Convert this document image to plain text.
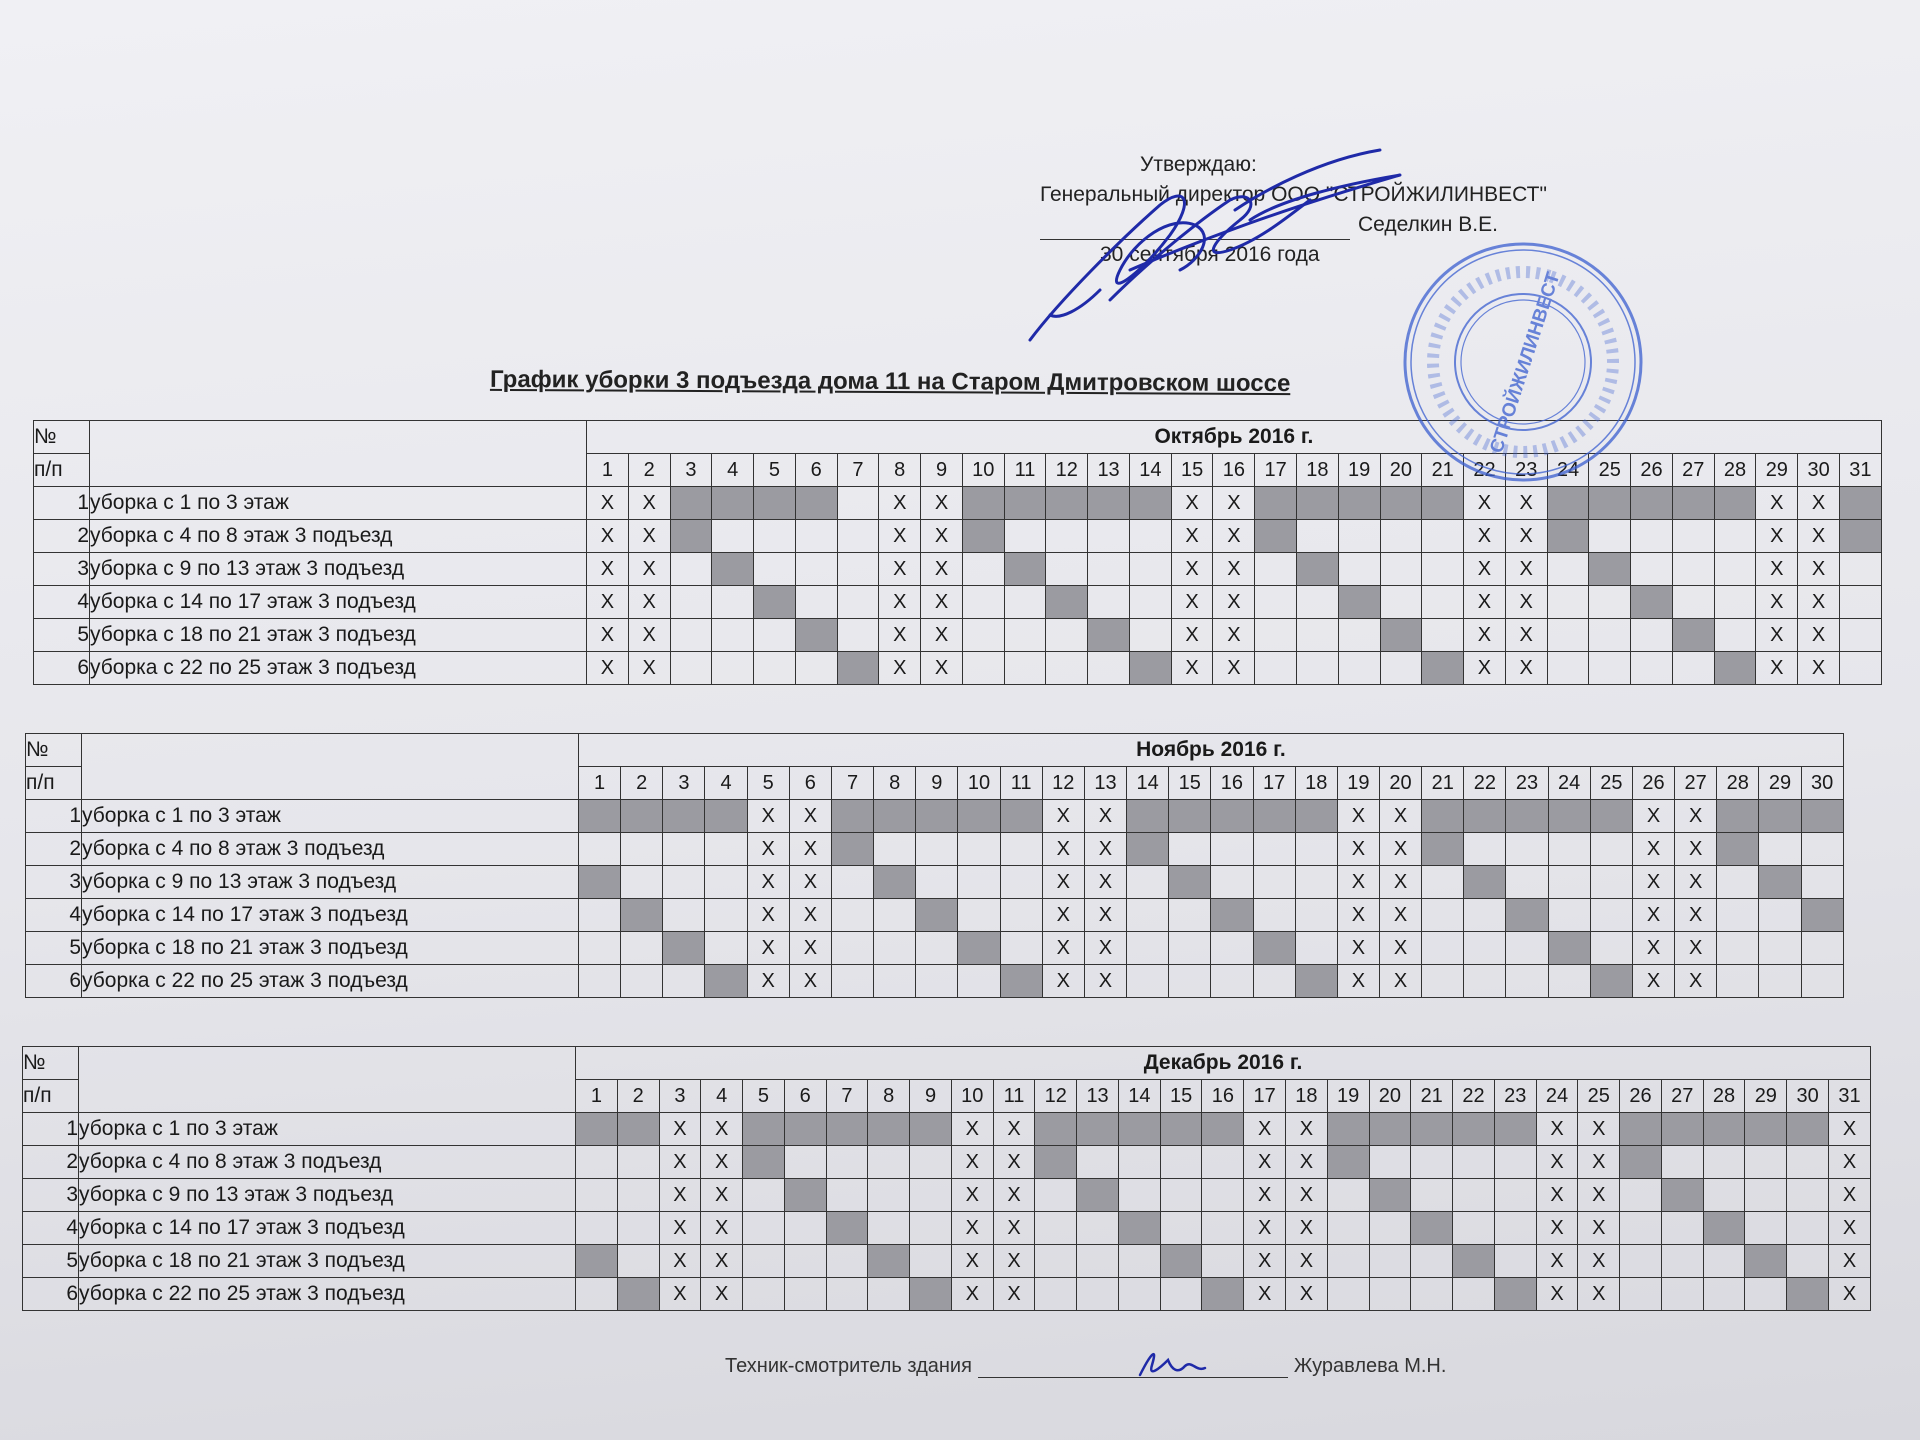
Утверждаю:
Генеральный директор ООО "СТРОЙЖИЛИНВЕСТ"
Седелкин В.Е.
30 сентября 2016 года
График уборки 3 подъезда дома 11 на Старом Дмитровском шоссе
№		Октябрь 2016 г.																														
п/п																																
		1	2	3	4	5	6	7	8	9	10	11	12	13	14	15	16	17	18	19	20	21	22	23	24	25	26	27	28	29	30	31
1	уборка с 1 по 3 этаж	X	X						X	X						X	X						X	X						X	X	
2	уборка с 4 по 8 этаж 3 подъезд	X	X						X	X						X	X						X	X						X	X	
3	уборка с 9 по 13 этаж 3 подъезд	X	X						X	X						X	X						X	X						X	X	
4	уборка с 14 по 17 этаж 3 подъезд	X	X						X	X						X	X						X	X						X	X	
5	уборка с 18 по 21 этаж 3 подъезд	X	X						X	X						X	X						X	X						X	X	
6	уборка с 22 по 25 этаж 3 подъезд	X	X						X	X						X	X						X	X						X	X	
№		Ноябрь 2016 г.																													
п/п																															
		1	2	3	4	5	6	7	8	9	10	11	12	13	14	15	16	17	18	19	20	21	22	23	24	25	26	27	28	29	30
1	уборка с 1 по 3 этаж					X	X						X	X						X	X						X	X			
2	уборка с 4 по 8 этаж 3 подъезд					X	X						X	X						X	X						X	X			
3	уборка с 9 по 13 этаж 3 подъезд					X	X						X	X						X	X						X	X			
4	уборка с 14 по 17 этаж 3 подъезд					X	X						X	X						X	X						X	X			
5	уборка с 18 по 21 этаж 3 подъезд					X	X						X	X						X	X						X	X			
6	уборка с 22 по 25 этаж 3 подъезд					X	X						X	X						X	X						X	X			
№		Декабрь 2016 г.																														
п/п																																
		1	2	3	4	5	6	7	8	9	10	11	12	13	14	15	16	17	18	19	20	21	22	23	24	25	26	27	28	29	30	31
1	уборка с 1 по 3 этаж			X	X						X	X						X	X						X	X						X
2	уборка с 4 по 8 этаж 3 подъезд			X	X						X	X						X	X						X	X						X
3	уборка с 9 по 13 этаж 3 подъезд			X	X						X	X						X	X						X	X						X
4	уборка с 14 по 17 этаж 3 подъезд			X	X						X	X						X	X						X	X						X
5	уборка с 18 по 21 этаж 3 подъезд			X	X						X	X						X	X						X	X						X
6	уборка с 22 по 25 этаж 3 подъезд			X	X						X	X						X	X						X	X						X
Техник-смотритель здания	Журавлева М.Н.
СТРОЙЖИЛИНВЕСТ
